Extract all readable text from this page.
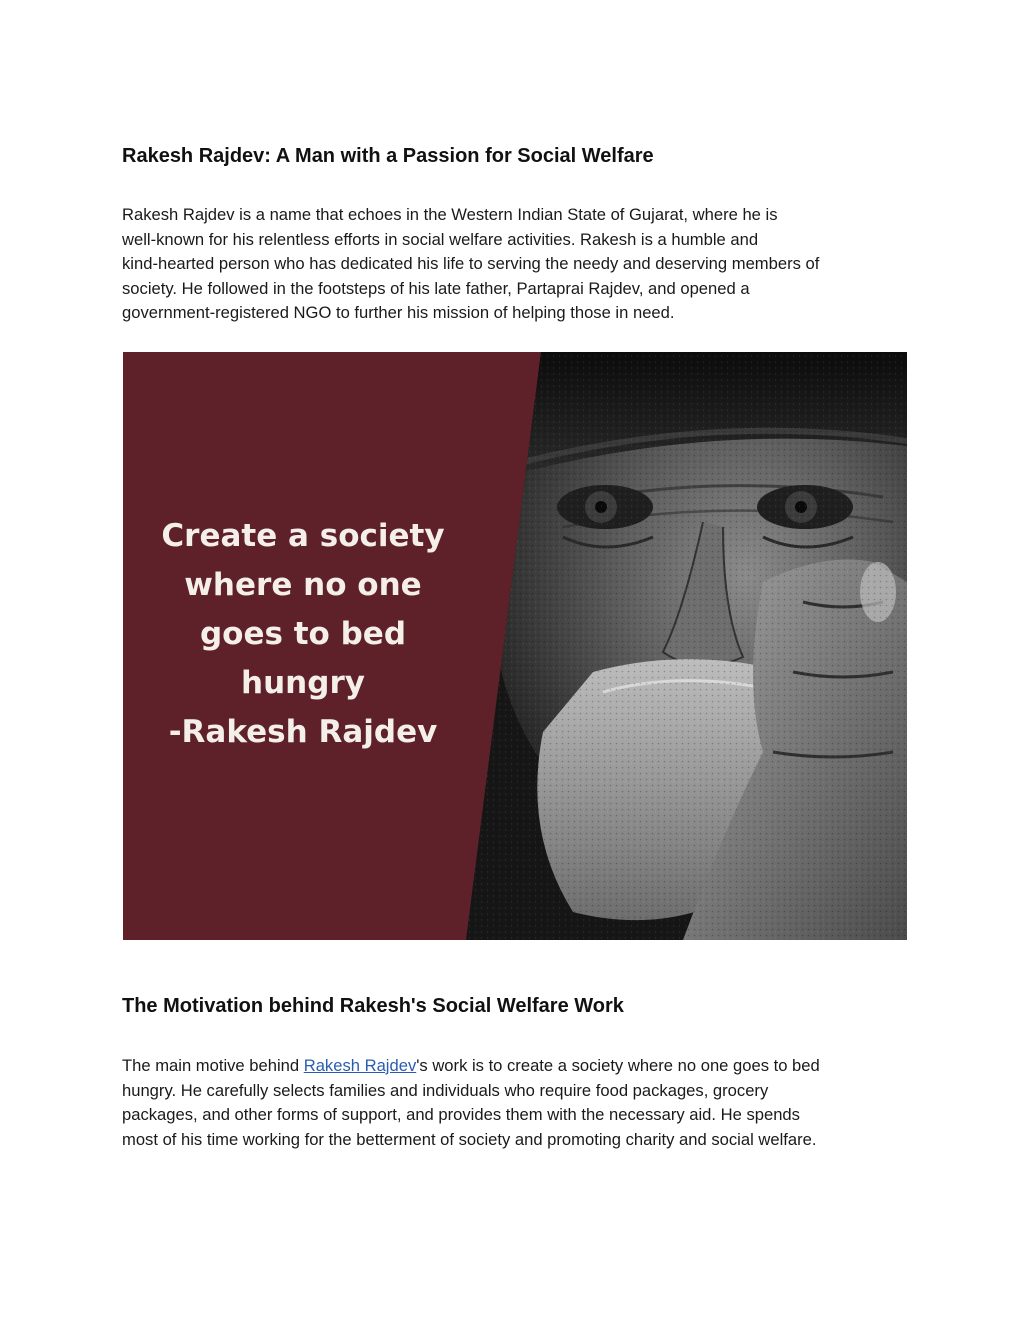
Rakesh Rajdev: A Man with a Passion for Social Welfare

Rakesh Rajdev is a name that echoes in the Western Indian State of Gujarat, where he is
well-known for his relentless efforts in social welfare activities. Rakesh is a humble and
kind-hearted person who has dedicated his life to serving the needy and deserving members of
society. He followed in the footsteps of his late father, Partaprai Rajdev, and opened a
government-registered NGO to further his mission of helping those in need.

Create a society
where no one
goes to bed
hungry
-Rakesh Rajdev
The Motivation behind Rakesh's Social Welfare Work

The main motive behind Rakesh Rajdev's work is to create a society where no one goes to bed
hungry. He carefully selects families and individuals who require food packages, grocery
packages, and other forms of support, and provides them with the necessary aid. He spends
most of his time working for the betterment of society and promoting charity and social welfare.
